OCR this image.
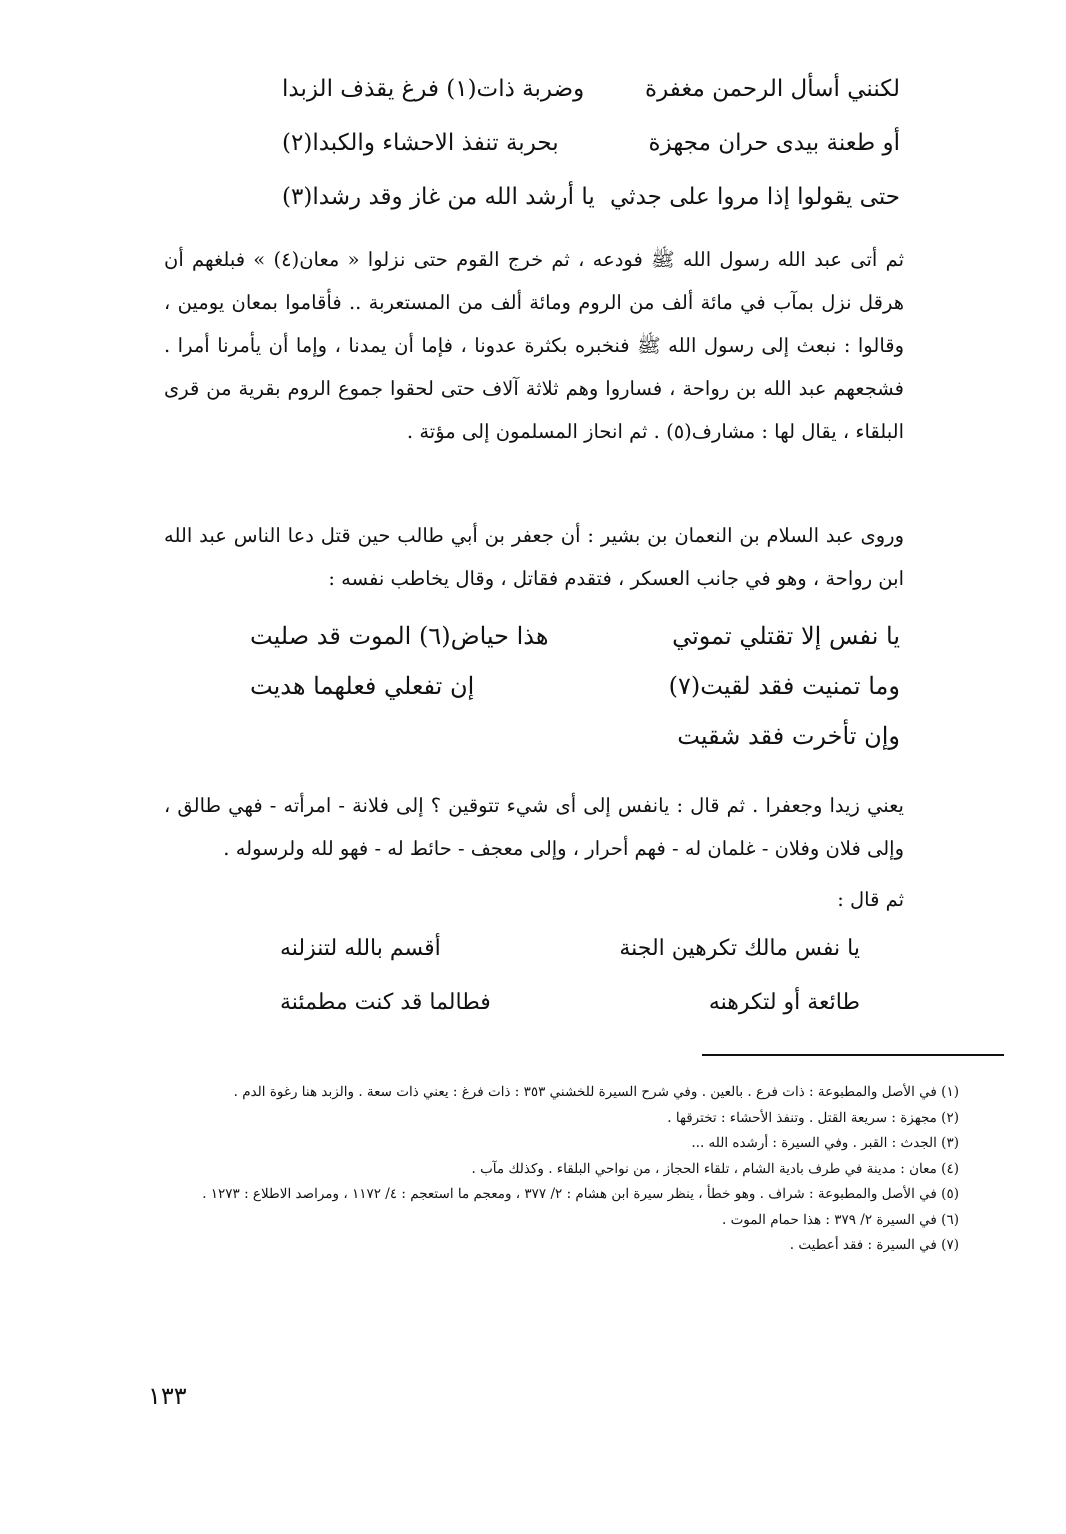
لكنني أسأل الرحمن مغفرة
وضربة ذات(١) فرغ يقذف الزبدا
أو طعنة بيدى حران مجهزة
بحربة تنفذ الاحشاء والكبدا(٢)
حتى يقولوا إذا مروا على جدثي
يا أرشد الله من غاز وقد رشدا(٣)

ثم أتى عبد الله رسول الله ﷺ فودعه ، ثم خرج القوم حتى نزلوا « معان(٤) » فبلغهم أن هرقل نزل بمآب في مائة ألف من الروم ومائة ألف من المستعربة .. فأقاموا بمعان يومين ، وقالوا : نبعث إلى رسول الله ﷺ فنخبره بكثرة عدونا ، فإما أن يمدنا ، وإما أن يأمرنا أمرا . فشجعهم عبد الله بن رواحة ، فساروا وهم ثلاثة آلاف حتى لحقوا جموع الروم بقرية من قرى البلقاء ، يقال لها : مشارف(٥) . ثم انحاز المسلمون إلى مؤتة .

وروى عبد السلام بن النعمان بن بشير : أن جعفر بن أبي طالب حين قتل دعا الناس عبد الله ابن رواحة ، وهو في جانب العسكر ، فتقدم فقاتل ، وقال يخاطب نفسه :

يا نفس إلا تقتلي تموتي
هذا حياض(٦) الموت قد صليت
وما تمنيت فقد لقيت(٧)
إن تفعلي فعلهما هديت
وإن تأخرت فقد شقيت

يعني زيدا وجعفرا . ثم قال : يانفس إلى أى شيء تتوقين ؟ إلى فلانة - امرأته - فهي طالق ، وإلى فلان وفلان - غلمان له - فهم أحرار ، وإلى معجف - حائط له - فهو لله ولرسوله .

ثم قال :

يا نفس مالك تكرهين الجنة
أقسم بالله لتنزلنه
طائعة أو لتكرهنه
فطالما قد كنت مطمئنة

(١) في الأصل والمطبوعة : ذات فرع . بالعين . وفي شرح السيرة للخشني ٣٥٣ : ذات فرغ : يعني ذات سعة . والزبد هنا رغوة الدم .

(٢) مجهزة : سريعة القتل . وتنفذ الأحشاء : تخترقها .

(٣) الجدث : القبر . وفي السيرة : أرشده الله ...

(٤) معان : مدينة في طرف بادية الشام ، تلقاء الحجاز ، من نواحي البلقاء . وكذلك مآب .

(٥) في الأصل والمطبوعة : شراف . وهو خطأ ، ينظر سيرة ابن هشام : ٢/ ٣٧٧ ، ومعجم ما استعجم : ٤/ ١١٧٢ ، ومراصد الاطلاع : ١٢٧٣ .

(٦) في السيرة ٢/ ٣٧٩ : هذا حمام الموت .

(٧) في السيرة : فقد أعطيت .

١٣٣
